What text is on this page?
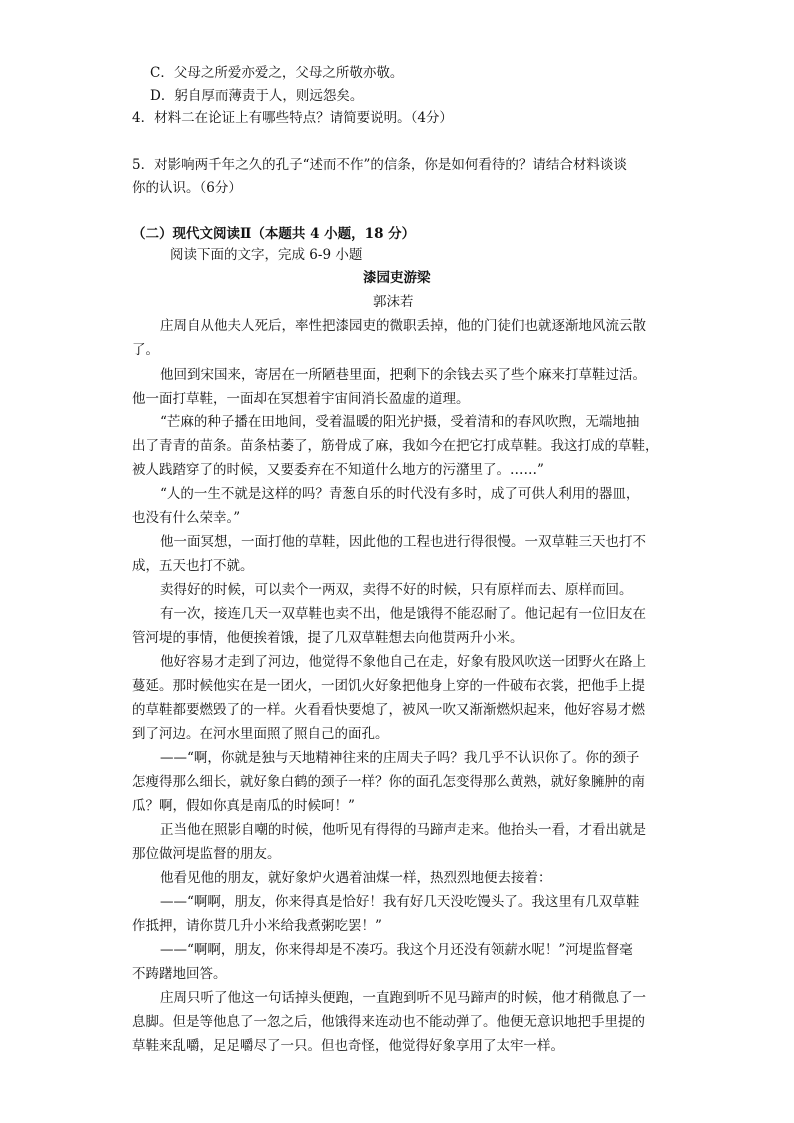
C．父母之所爱亦爱之，父母之所敬亦敬。
D．躬自厚而薄责于人，则远怨矣。
4．材料二在论证上有哪些特点？请简要说明。（4分）
5．对影响两千年之久的孔子“述而不作”的信条，你是如何看待的？请结合材料谈谈
你的认识。（6分）
（二）现代文阅读Ⅱ（本题共 4 小题，18 分）
阅读下面的文字，完成 6-9 小题
漆园吏游梁
郭沫若
庄周自从他夫人死后，率性把漆园吏的微职丢掉，他的门徒们也就逐渐地风流云散
了。
他回到宋国来，寄居在一所陋巷里面，把剩下的余钱去买了些个麻来打草鞋过活。
他一面打草鞋，一面却在冥想着宇宙间消长盈虚的道理。
“芒麻的种子播在田地间，受着温暖的阳光护摄，受着清和的春风吹煦，无端地抽
出了青青的苗条。苗条枯萎了，筋骨成了麻，我如今在把它打成草鞋。我这打成的草鞋，
被人践踏穿了的时候，又要委弃在不知道什么地方的污潴里了。……”
“人的一生不就是这样的吗？青葱自乐的时代没有多时，成了可供人利用的器皿，
也没有什么荣幸。”
他一面冥想，一面打他的草鞋，因此他的工程也进行得很慢。一双草鞋三天也打不
成，五天也打不就。
卖得好的时候，可以卖个一两双，卖得不好的时候，只有原样而去、原样而回。
有一次，接连几天一双草鞋也卖不出，他是饿得不能忍耐了。他记起有一位旧友在
管河堤的事情，他便挨着饿，提了几双草鞋想去向他贳两升小米。
他好容易才走到了河边，他觉得不象他自己在走，好象有股风吹送一团野火在路上
蔓延。那时候他实在是一团火，一团饥火好象把他身上穿的一件破布衣裳，把他手上提
的草鞋都要燃毁了的一样。火看看快要熄了，被风一吹又渐渐燃炽起来，他好容易才燃
到了河边。在河水里面照了照自己的面孔。
——“啊，你就是独与天地精神往来的庄周夫子吗？我几乎不认识你了。你的颈子
怎瘦得那么细长，就好象白鹤的颈子一样？你的面孔怎变得那么黄熟，就好象臃肿的南
瓜？啊，假如你真是南瓜的时候呵！”
正当他在照影自嘲的时候，他听见有得得的马蹄声走来。他抬头一看，才看出就是
那位做河堤监督的朋友。
他看见他的朋友，就好象炉火遇着油煤一样，热烈烈地便去接着：
——“啊啊，朋友，你来得真是恰好！我有好几天没吃馒头了。我这里有几双草鞋
作抵押，请你贳几升小米给我煮粥吃罢！”
——“啊啊，朋友，你来得却是不凑巧。我这个月还没有领薪水呢！”河堤监督毫
不踌躇地回答。
庄周只听了他这一句话掉头便跑，一直跑到听不见马蹄声的时候，他才稍微息了一
息脚。但是等他息了一忽之后，他饿得来连动也不能动弹了。他便无意识地把手里提的
草鞋来乱嚼，足足嚼尽了一只。但也奇怪，他觉得好象享用了太牢一样。
